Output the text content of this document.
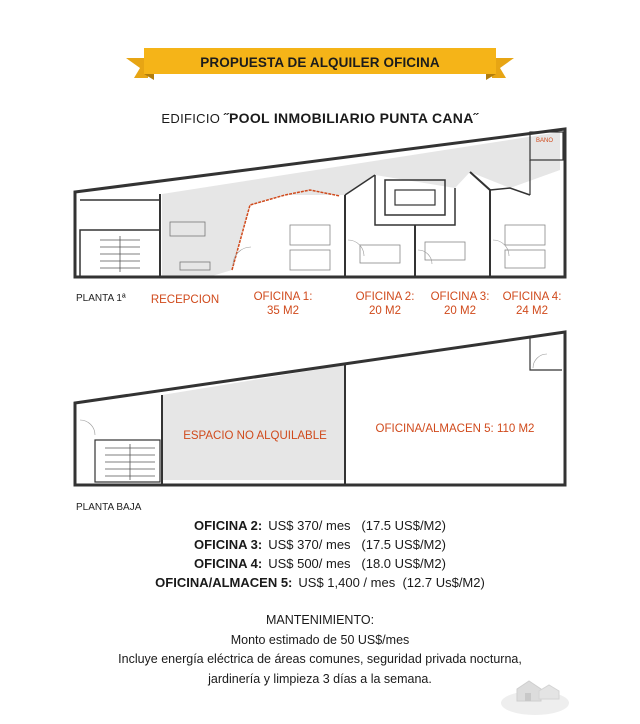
PROPUESTA DE ALQUILER OFICINA
EDIFICIO ˝POOL INMOBILIARIO PUNTA CANA˝
PLANTA 1ª
BANO
RECEPCION	OFICINA 1:
35 M2
OFICINA 2:
20 M2
OFICINA 3:
20 M2
OFICINA 4:
24 M2
PLANTA BAJA
ESPACIO NO ALQUILABLE
OFICINA/ALMACEN 5: 110 M2
OFICINA 2: US$ 370/ mes (17.5 US$/M2)
OFICINA 3: US$ 370/ mes (17.5 US$/M2)
OFICINA 4: US$ 500/ mes (18.0 US$/M2)
OFICINA/ALMACEN 5: US$ 1,400 / mes (12.7 Us$/M2)
MANTENIMIENTO:
Monto estimado de 50 US$/mes
Incluye energía eléctrica de áreas comunes, seguridad privada nocturna,
jardinería y limpieza 3 días a la semana.
